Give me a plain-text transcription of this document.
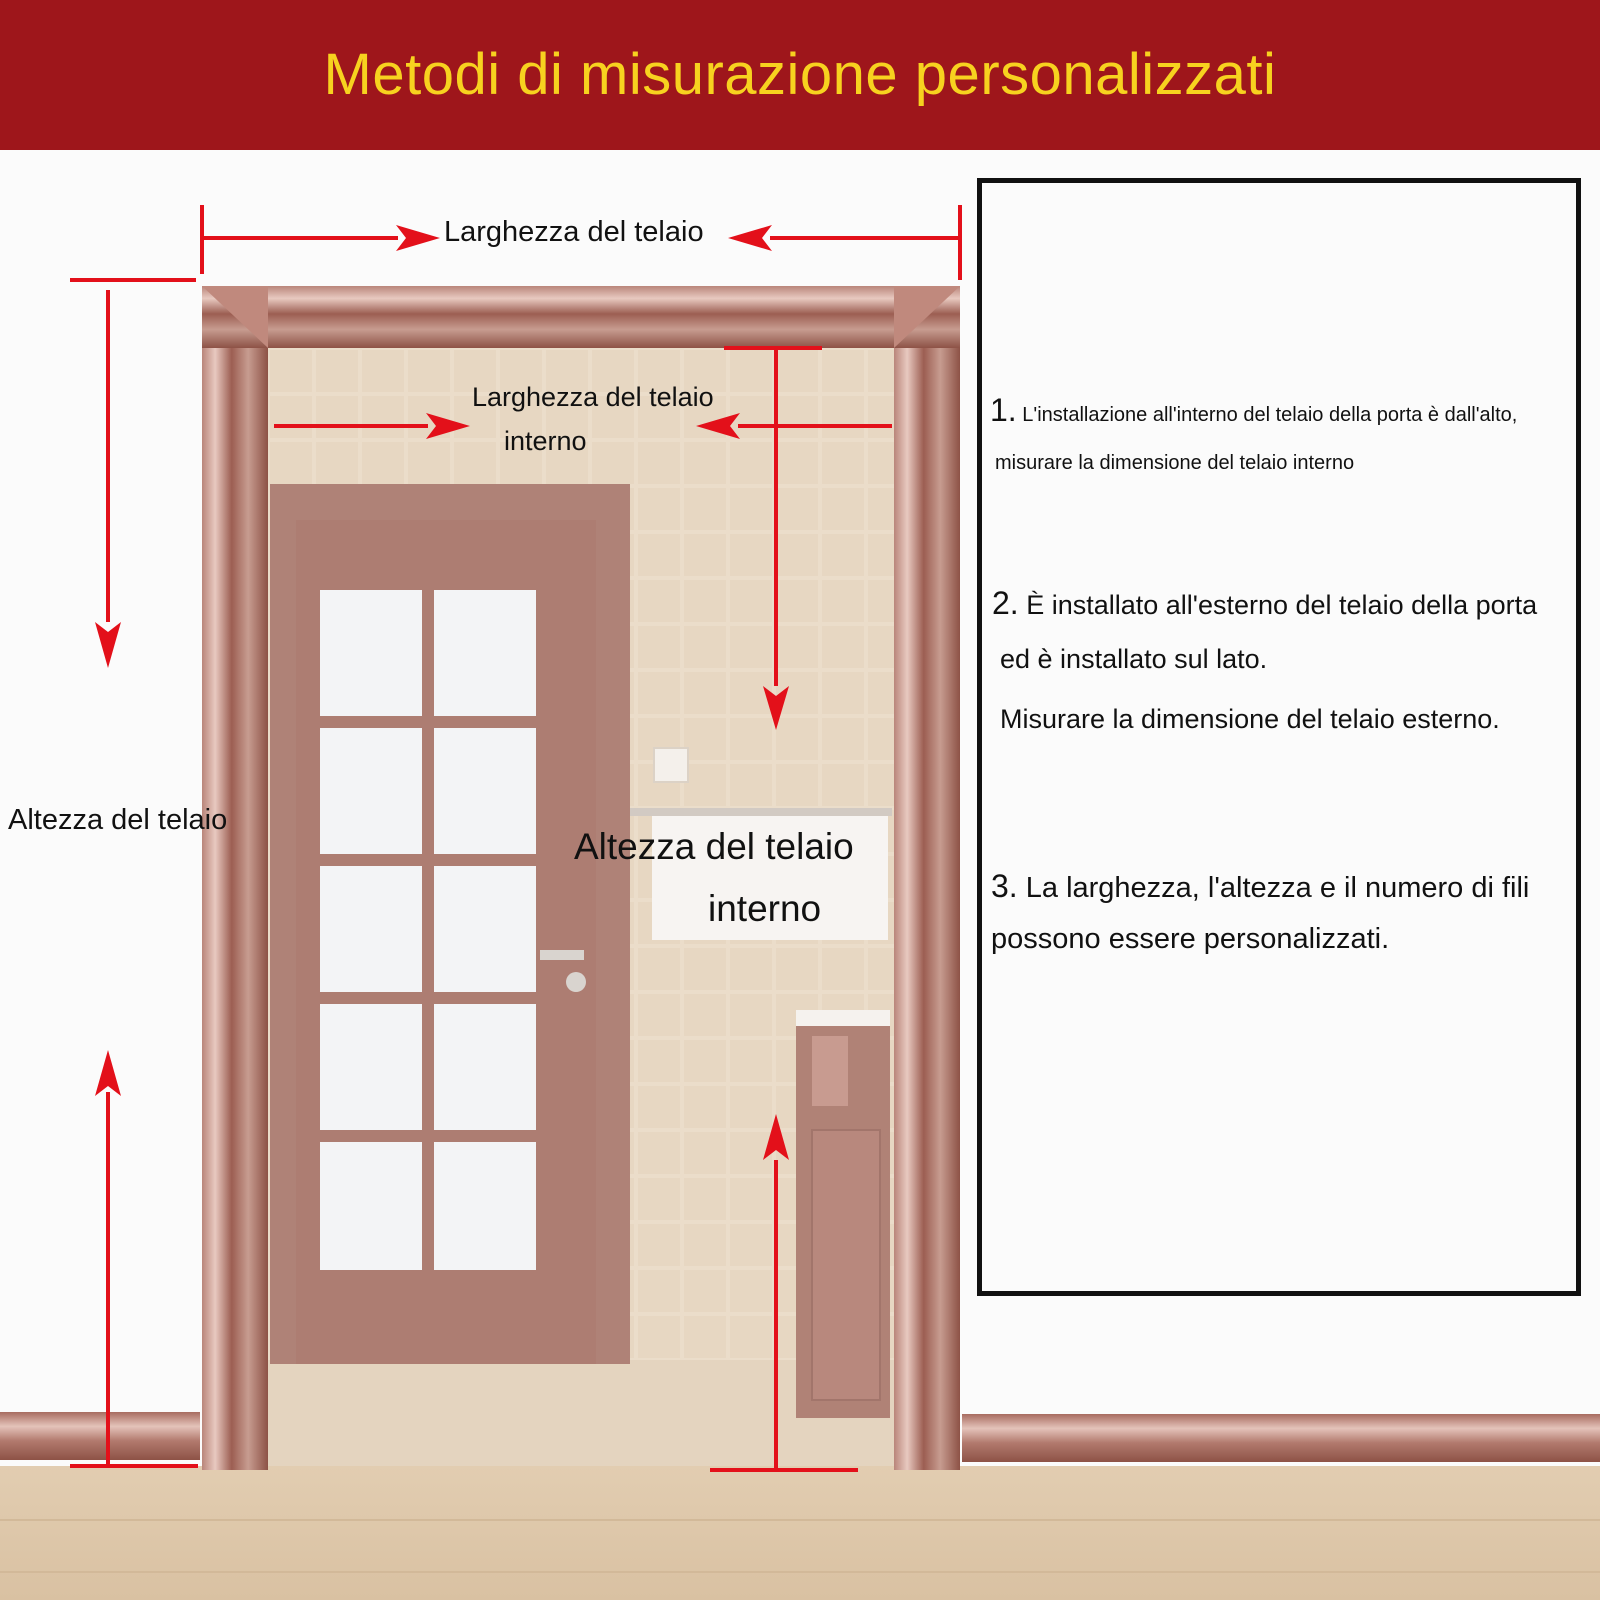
Metodi di misurazione personalizzati
Larghezza del telaio
Larghezza del telaio
interno
Altezza del telaio
Altezza del telaio
interno
1. L'installazione all'interno del telaio della porta è dall'alto,
misurare la dimensione del telaio interno
2. È installato all'esterno del telaio della porta
ed è installato sul lato.
Misurare la dimensione del telaio esterno.
3. La larghezza, l'altezza e il numero di fili
possono essere personalizzati.
